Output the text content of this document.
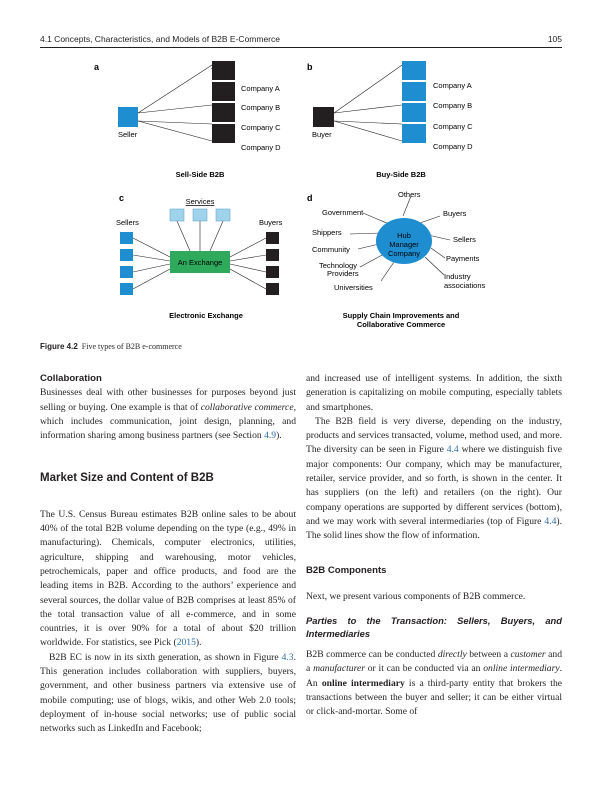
4.1 Concepts, Characteristics, and Models of B2B E-Commerce	105
a
Seller
Company A
Company B
Company C
Company D
Sell-Side B2B
b
Buyer
Company A
Company B
Company C
Company D
Buy-Side B2B
c	Services
Sellers	Buyers
An Exchange
Electronic Exchange
d
Hub
Manager
Company
Others
Government	Buyers
Shippers
Sellers
Community
Payments
Technology
Providers	Industry
associations
Universities
Supply Chain Improvements and
Collaborative Commerce
Figure 4.2 Five types of B2B e-commerce
Collaboration

Businesses deal with other businesses for purposes beyond just selling or buying. One example is that of collaborative commerce, which includes communication, joint design, planning, and information sharing among business partners (see Section 4.9).

Market Size and Content of B2B

The U.S. Census Bureau estimates B2B online sales to be about 40% of the total B2B volume depending on the type (e.g., 49% in manufacturing). Chemicals, computer electronics, utilities, agriculture, shipping and warehousing, motor vehicles, petrochemicals, paper and office products, and food are the leading items in B2B. According to the authors’ experience and several sources, the dollar value of B2B comprises at least 85% of the total transaction value of all e-commerce, and in some countries, it is over 90% for a total of about $20 trillion worldwide. For statistics, see Pick (2015).

B2B EC is now in its sixth generation, as shown in Figure 4.3. This generation includes collaboration with suppliers, buyers, government, and other business partners via extensive use of mobile computing; use of blogs, wikis, and other Web 2.0 tools; deployment of in-house social networks; use of public social networks such as LinkedIn and Facebook;

and increased use of intelligent systems. In addition, the sixth generation is capitalizing on mobile computing, especially tablets and smartphones.

The B2B field is very diverse, depending on the industry, products and services transacted, volume, method used, and more. The diversity can be seen in Figure 4.4 where we distinguish five major components: Our company, which may be manufacturer, retailer, service provider, and so forth, is shown in the center. It has suppliers (on the left) and retailers (on the right). Our company operations are supported by different services (bottom), and we may work with several intermediaries (top of Figure 4.4). The solid lines show the flow of information.

B2B Components

Next, we present various components of B2B commerce.

Parties to the Transaction: Sellers, Buyers, and Intermediaries

B2B commerce can be conducted directly between a customer and a manufacturer or it can be conducted via an online intermediary. An online intermediary is a third-party entity that brokers the transactions between the buyer and seller; it can be either virtual or click-and-mortar. Some of
